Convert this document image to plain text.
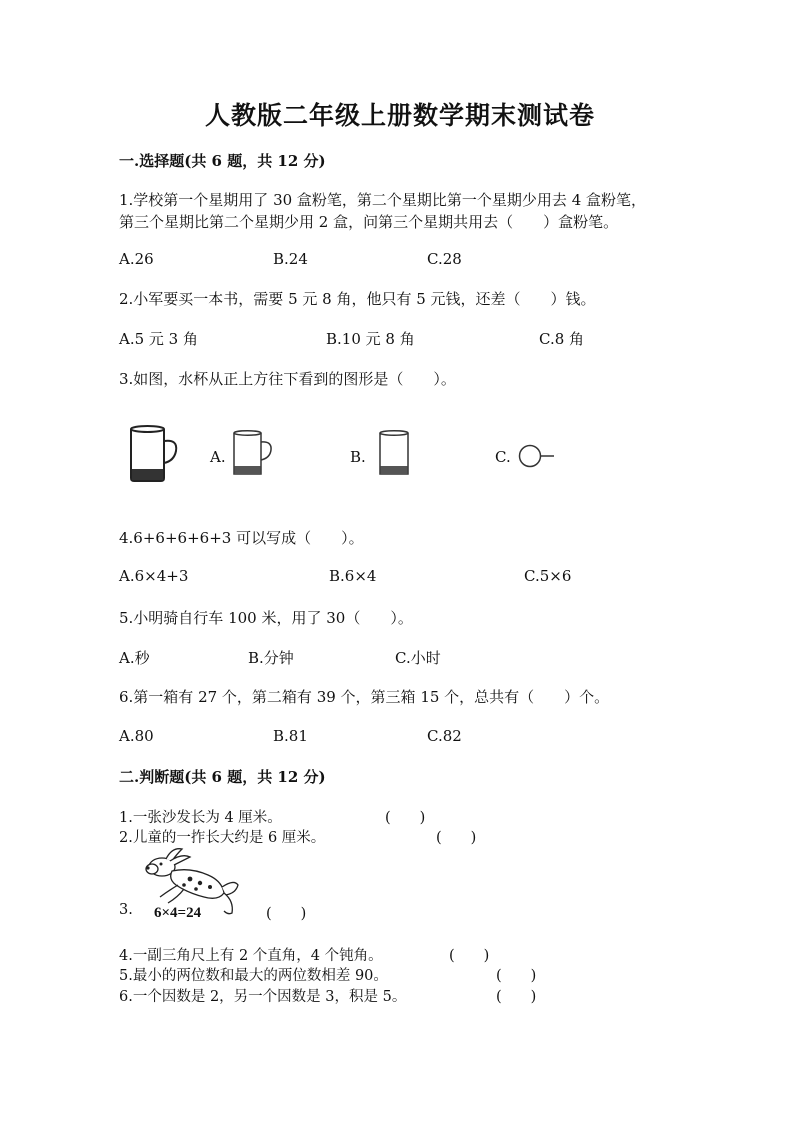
人教版二年级上册数学期末测试卷
一.选择题(共 6 题，共 12 分)
1.学校第一个星期用了 30 盒粉笔，第二个星期比第一个星期少用去 4 盒粉笔，
第三个星期比第二个星期少用 2 盒，问第三个星期共用去（　　）盒粉笔。
A.26	B.24	C.28
2.小军要买一本书，需要 5 元 8 角，他只有 5 元钱，还差（　　）钱。
A.5 元 3 角	B.10 元 8 角	C.8 角
3.如图，水杯从正上方往下看到的图形是（　　）。
A.	B.	C.
4.6+6+6+6+3 可以写成（　　）。
A.6×4+3	B.6×4	C.5×6
5.小明骑自行车 100 米，用了 30（　　）。
A.秒	B.分钟	C.小时
6.第一箱有 27 个，第二箱有 39 个，第三箱 15 个，总共有（　　）个。
A.80	B.81	C.82
二.判断题(共 6 题，共 12 分)
1.一张沙发长为 4 厘米。	(　　)
2.儿童的一拃长大约是 6 厘米。	(　　)
6×4=24
3.	(　　)
4.一副三角尺上有 2 个直角，4 个钝角。	(　　)
5.最小的两位数和最大的两位数相差 90。	(　　)
6.一个因数是 2，另一个因数是 3，积是 5。	(　　)
